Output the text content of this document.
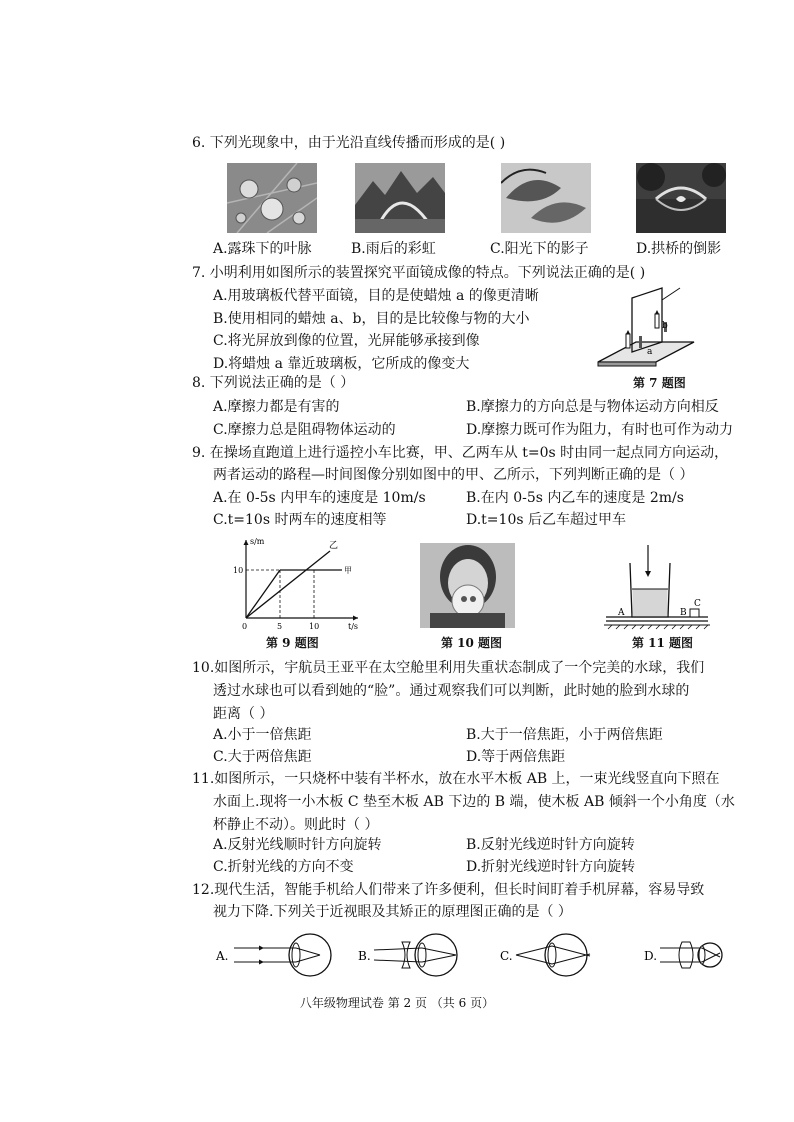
6. 下列光现象中，由于光沿直线传播而形成的是( )
A.露珠下的叶脉	B.雨后的彩虹	C.阳光下的影子	D.拱桥的倒影
7. 小明利用如图所示的装置探究平面镜成像的特点。下列说法正确的是( )
A.用玻璃板代替平面镜，目的是使蜡烛 a 的像更清晰
B.使用相同的蜡烛 a、b，目的是比较像与物的大小
C.将光屏放到像的位置，光屏能够承接到像
D.将蜡烛 a 靠近玻璃板，它所成的像变大
a
b
第 7 题图
8. 下列说法正确的是（ ）
A.摩擦力都是有害的	B.摩擦力的方向总是与物体运动方向相反
C.摩擦力总是阻碍物体运动的	D.摩擦力既可作为阻力，有时也可作为动力
9. 在操场直跑道上进行遥控小车比赛，甲、乙两车从 t=0s 时由同一起点同方向运动，
两者运动的路程—时间图像分别如图中的甲、乙所示，下列判断正确的是（ ）
A.在 0-5s 内甲车的速度是 10m/s	B.在内 0-5s 内乙车的速度是 2m/s
C.t=10s 时两车的速度相等	D.t=10s 后乙车超过甲车
s/m
t/s
0	5	10
10	甲
乙
第 9 题图	第 10 题图
A	B
C
第 11 题图
10.如图所示，宇航员王亚平在太空舱里利用失重状态制成了一个完美的水球，我们
透过水球也可以看到她的“脸”。通过观察我们可以判断，此时她的脸到水球的
距离（ ）
A.小于一倍焦距	B.大于一倍焦距，小于两倍焦距
C.大于两倍焦距	D.等于两倍焦距
11.如图所示，一只烧杯中装有半杯水，放在水平木板 AB 上，一束光线竖直向下照在
水面上.现将一小木板 C 垫至木板 AB 下边的 B 端，使木板 AB 倾斜一个小角度（水
杯静止不动）。则此时（ ）
A.反射光线顺时针方向旋转	B.反射光线逆时针方向旋转
C.折射光线的方向不变	D.折射光线逆时针方向旋转
12.现代生活，智能手机给人们带来了许多便利，但长时间盯着手机屏幕，容易导致
视力下降.下列关于近视眼及其矫正的原理图正确的是（ ）
A.	B.	C.	D.
八年级物理试卷 第 2 页 （共 6 页）
